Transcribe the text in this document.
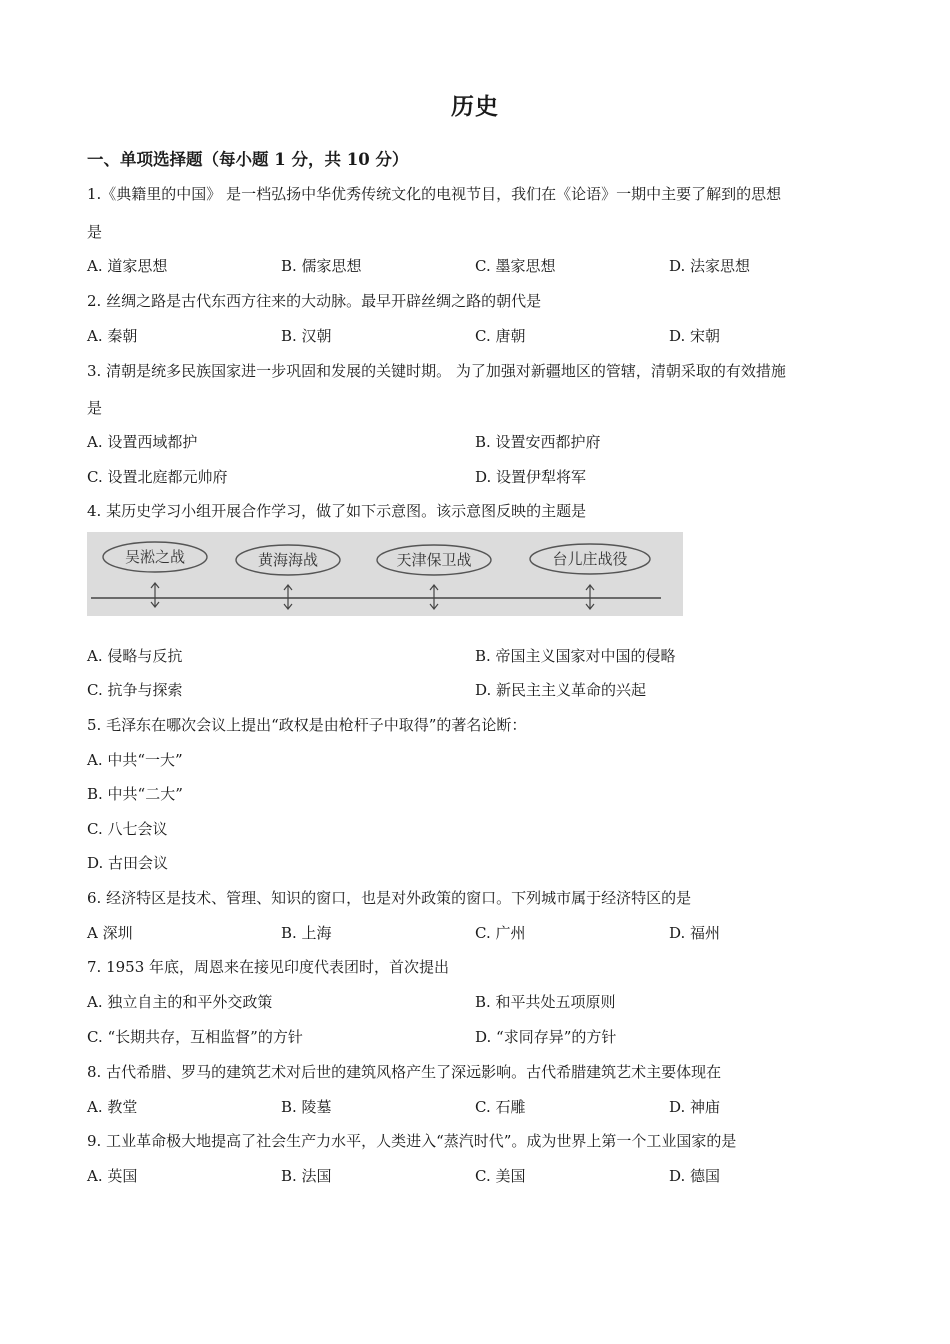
历史
一、单项选择题（每小题 1 分，共 10 分）
1.《典籍里的中国》 是一档弘扬中华优秀传统文化的电视节目，我们在《论语》一期中主要了解到的思想
是
A. 道家思想	B. 儒家思想	C. 墨家思想	D. 法家思想
2. 丝绸之路是古代东西方往来的大动脉。最早开辟丝绸之路的朝代是
A. 秦朝	B. 汉朝	C. 唐朝	D. 宋朝
3. 清朝是统多民族国家进一步巩固和发展的关键时期。 为了加强对新疆地区的管辖，清朝采取的有效措施
是
A. 设置西域都护	B. 设置安西都护府
C. 设置北庭都元帅府	D. 设置伊犁将军
4. 某历史学习小组开展合作学习，做了如下示意图。该示意图反映的主题是
吴淞之战	黄海海战	天津保卫战	台儿庄战役
A. 侵略与反抗	B. 帝国主义国家对中国的侵略
C. 抗争与探索	D. 新民主主义革命的兴起
5. 毛泽东在哪次会议上提出“政权是由枪杆子中取得”的著名论断：
A. 中共“一大”
B. 中共“二大”
C. 八七会议
D. 古田会议
6. 经济特区是技术、管理、知识的窗口，也是对外政策的窗口。下列城市属于经济特区的是
A 深圳	B. 上海	C. 广州	D. 福州
7. 1953 年底，周恩来在接见印度代表团时，首次提出
A. 独立自主的和平外交政策	B. 和平共处五项原则
C. “长期共存，互相监督”的方针	D. “求同存异”的方针
8. 古代希腊、罗马的建筑艺术对后世的建筑风格产生了深远影响。古代希腊建筑艺术主要体现在
A. 教堂	B. 陵墓	C. 石雕	D. 神庙
9. 工业革命极大地提高了社会生产力水平，人类进入“蒸汽时代”。成为世界上第一个工业国家的是
A. 英国	B. 法国	C. 美国	D. 德国
